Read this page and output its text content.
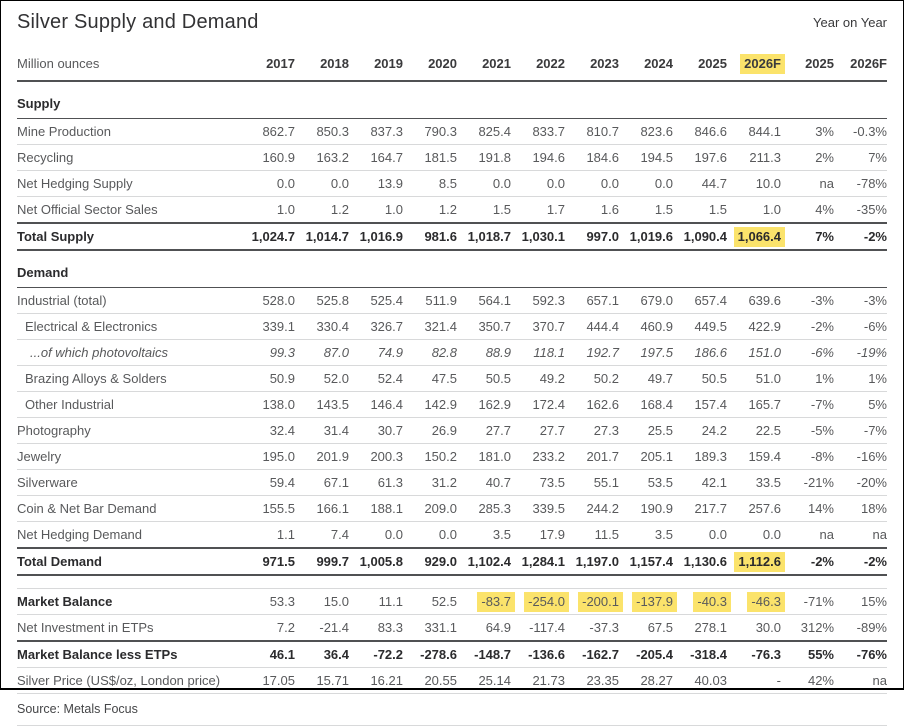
Silver Supply and Demand	Year on Year
Million ounces	2017	2018	2019	2020	2021	2022	2023	2024	2025	2026F	2025	2026F
Supply												
Mine Production	862.7	850.3	837.3	790.3	825.4	833.7	810.7	823.6	846.6	844.1	3%	-0.3%
Recycling	160.9	163.2	164.7	181.5	191.8	194.6	184.6	194.5	197.6	211.3	2%	7%
Net Hedging Supply	0.0	0.0	13.9	8.5	0.0	0.0	0.0	0.0	44.7	10.0	na	-78%
Net Official Sector Sales	1.0	1.2	1.0	1.2	1.5	1.7	1.6	1.5	1.5	1.0	4%	-35%
Total Supply	1,024.7	1,014.7	1,016.9	981.6	1,018.7	1,030.1	997.0	1,019.6	1,090.4	1,066.4	7%	-2%
Demand												
Industrial (total)	528.0	525.8	525.4	511.9	564.1	592.3	657.1	679.0	657.4	639.6	-3%	-3%
Electrical & Electronics	339.1	330.4	326.7	321.4	350.7	370.7	444.4	460.9	449.5	422.9	-2%	-6%
...of which photovoltaics	99.3	87.0	74.9	82.8	88.9	118.1	192.7	197.5	186.6	151.0	-6%	-19%
Brazing Alloys & Solders	50.9	52.0	52.4	47.5	50.5	49.2	50.2	49.7	50.5	51.0	1%	1%
Other Industrial	138.0	143.5	146.4	142.9	162.9	172.4	162.6	168.4	157.4	165.7	-7%	5%
Photography	32.4	31.4	30.7	26.9	27.7	27.7	27.3	25.5	24.2	22.5	-5%	-7%
Jewelry	195.0	201.9	200.3	150.2	181.0	233.2	201.7	205.1	189.3	159.4	-8%	-16%
Silverware	59.4	67.1	61.3	31.2	40.7	73.5	55.1	53.5	42.1	33.5	-21%	-20%
Coin & Net Bar Demand	155.5	166.1	188.1	209.0	285.3	339.5	244.2	190.9	217.7	257.6	14%	18%
Net Hedging Demand	1.1	7.4	0.0	0.0	3.5	17.9	11.5	3.5	0.0	0.0	na	na
Total Demand	971.5	999.7	1,005.8	929.0	1,102.4	1,284.1	1,197.0	1,157.4	1,130.6	1,112.6	-2%	-2%

Market Balance	53.3	15.0	11.1	52.5	-83.7	-254.0	-200.1	-137.9	-40.3	-46.3	-71%	15%
Net Investment in ETPs	7.2	-21.4	83.3	331.1	64.9	-117.4	-37.3	67.5	278.1	30.0	312%	-89%
Market Balance less ETPs	46.1	36.4	-72.2	-278.6	-148.7	-136.6	-162.7	-205.4	-318.4	-76.3	55%	-76%
Silver Price (US$/oz, London price)	17.05	15.71	16.21	20.55	25.14	21.73	23.35	28.27	40.03	-	42%	na
Source: Metals Focus
